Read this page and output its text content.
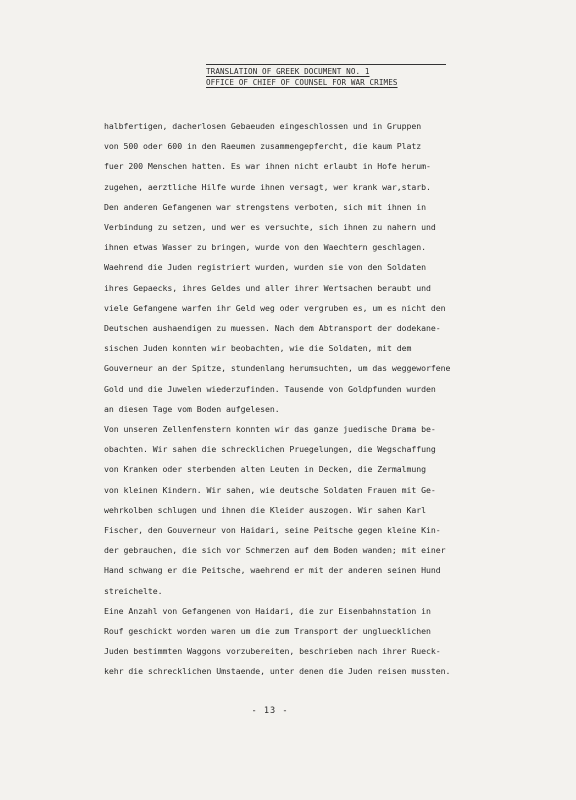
TRANSLATION OF GREEK DOCUMENT NO. 1
OFFICE OF CHIEF OF COUNSEL FOR WAR CRIMES
halbfertigen, dacherlosen Gebaeuden eingeschlossen und in Gruppen
von 500 oder 600 in den Raeumen zusammengepfercht, die kaum Platz
fuer 200 Menschen hatten. Es war ihnen nicht erlaubt in Hofe herum-
zugehen, aerztliche Hilfe wurde ihnen versagt, wer krank war,starb.
Den anderen Gefangenen war strengstens verboten, sich mit ihnen in
Verbindung zu setzen, und wer es versuchte, sich ihnen zu nahern und
ihnen etwas Wasser zu bringen, wurde von den Waechtern geschlagen.
Waehrend die Juden registriert wurden, wurden sie von den Soldaten
ihres Gepaecks, ihres Geldes und aller ihrer Wertsachen beraubt und
viele Gefangene warfen ihr Geld weg oder vergruben es, um es nicht den
Deutschen aushaendigen zu muessen. Nach dem Abtransport der dodekane-
sischen Juden konnten wir beobachten, wie die Soldaten, mit dem
Gouverneur an der Spitze, stundenlang herumsuchten, um das weggeworfene
Gold und die Juwelen wiederzufinden. Tausende von Goldpfunden wurden
an diesen Tage vom Boden aufgelesen.
Von unseren Zellenfenstern konnten wir das ganze juedische Drama be-
obachten. Wir sahen die schrecklichen Pruegelungen, die Wegschaffung
von Kranken oder sterbenden alten Leuten in Decken, die Zermalmung
von kleinen Kindern. Wir sahen, wie deutsche Soldaten Frauen mit Ge-
wehrkolben schlugen und ihnen die Kleider auszogen. Wir sahen Karl
Fischer, den Gouverneur von Haidari, seine Peitsche gegen kleine Kin-
der gebrauchen, die sich vor Schmerzen auf dem Boden wanden; mit einer
Hand schwang er die Peitsche, waehrend er mit der anderen seinen Hund
streichelte.
Eine Anzahl von Gefangenen von Haidari, die zur Eisenbahnstation in
Rouf geschickt worden waren um die zum Transport der ungluecklichen
Juden bestimmten Waggons vorzubereiten, beschrieben nach ihrer Rueck-
kehr die schrecklichen Umstaende, unter denen die Juden reisen mussten.
- 13 -
